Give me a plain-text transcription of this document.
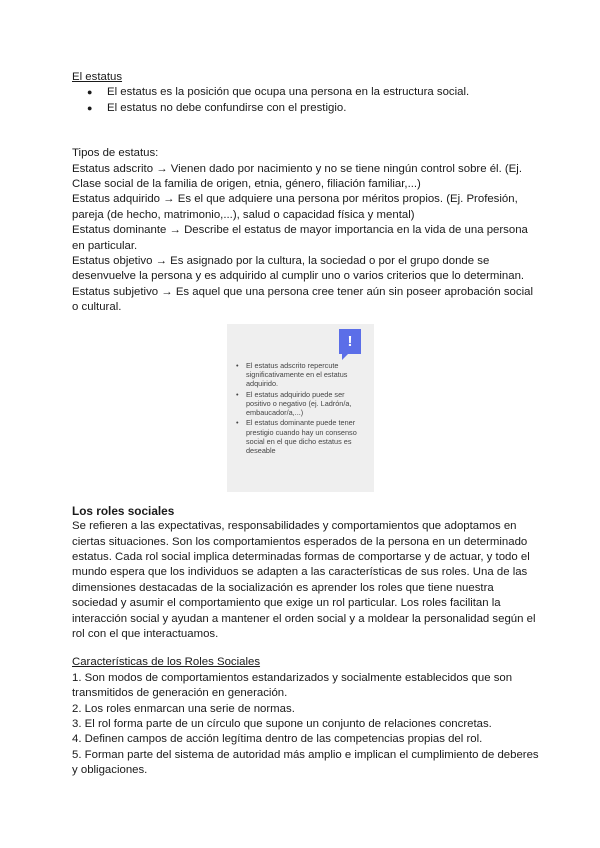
El estatus
● El estatus es la posición que ocupa una persona en la estructura social.
● El estatus no debe confundirse con el prestigio.
Tipos de estatus:
Estatus adscrito → Vienen dado por nacimiento y no se tiene ningún control sobre él. (Ej.
Clase social de la familia de origen, etnia, género, filiación familiar,...)
Estatus adquirido → Es el que adquiere una persona por méritos propios. (Ej. Profesión,
pareja (de hecho, matrimonio,...), salud o capacidad física y mental)
Estatus dominante → Describe el estatus de mayor importancia en la vida de una persona
en particular.
Estatus objetivo → Es asignado por la cultura, la sociedad o por el grupo donde se
desenvuelve la persona y es adquirido al cumplir uno o varios criterios que lo determinan.
Estatus subjetivo → Es aquel que una persona cree tener aún sin poseer aprobación social
o cultural.
!
• El estatus adscrito repercute significativamente en el estatus adquirido.
• El estatus adquirido puede ser positivo o negativo (ej. Ladrón/a, embaucador/a,...)
• El estatus dominante puede tener prestigio cuando hay un consenso social en el que dicho estatus es deseable
Los roles sociales
Se refieren a las expectativas, responsabilidades y comportamientos que adoptamos en
ciertas situaciones. Son los comportamientos esperados de la persona en un determinado
estatus. Cada rol social implica determinadas formas de comportarse y de actuar, y todo el
mundo espera que los individuos se adapten a las características de sus roles. Una de las
dimensiones destacadas de la socialización es aprender los roles que tiene nuestra
sociedad y asumir el comportamiento que exige un rol particular. Los roles facilitan la
interacción social y ayudan a mantener el orden social y a moldear la personalidad según el
rol con el que interactuamos.
Características de los Roles Sociales
1. Son modos de comportamientos estandarizados y socialmente establecidos que son
transmitidos de generación en generación.
2. Los roles enmarcan una serie de normas.
3. El rol forma parte de un círculo que supone un conjunto de relaciones concretas.
4. Definen campos de acción legítima dentro de las competencias propias del rol.
5. Forman parte del sistema de autoridad más amplio e implican el cumplimiento de deberes
y obligaciones.
